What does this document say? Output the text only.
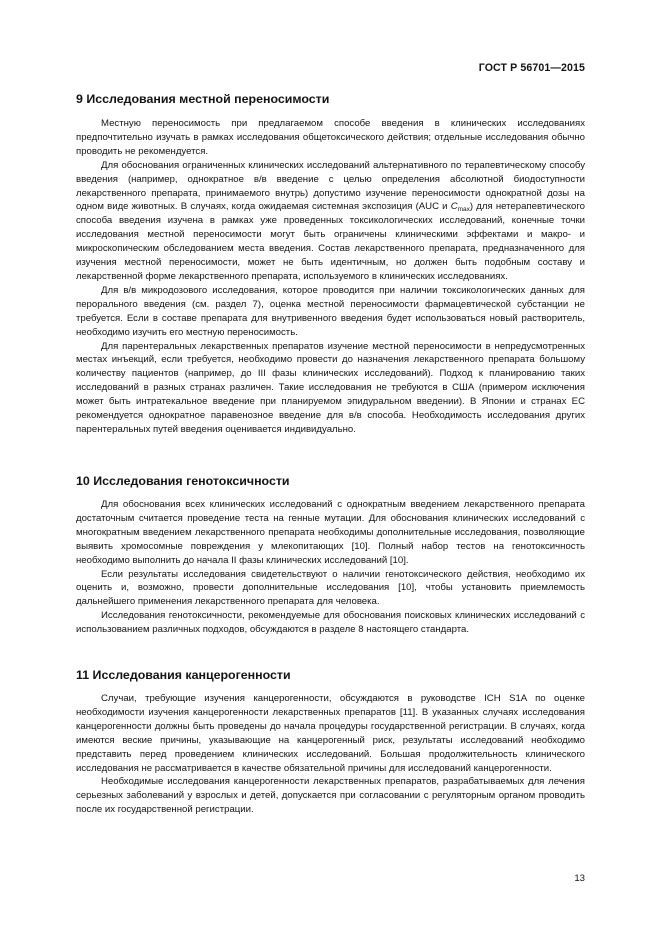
ГОСТ Р 56701—2015
9 Исследования местной переносимости

Местную переносимость при предлагаемом способе введения в клинических исследованиях предпочтительно изучать в рамках исследования общетоксического действия; отдельные исследования обычно проводить не рекомендуется.

Для обоснования ограниченных клинических исследований альтернативного по терапевтическому способу введения (например, однократное в/в введение с целью определения абсолютной биодоступности лекарственного препарата, принимаемого внутрь) допустимо изучение переносимости однократной дозы на одном виде животных. В случаях, когда ожидаемая системная экспозиция (AUC и $C_{max}$) для нетерапевтического способа введения изучена в рамках уже проведенных токсикологических исследований, конечные точки исследования местной переносимости могут быть ограничены клиническими эффектами и макро- и микроскопическим обследованием места введения. Состав лекарственного препарата, предназначенного для изучения местной переносимости, может не быть идентичным, но должен быть подобным составу и лекарственной форме лекарственного препарата, используемого в клинических исследованиях.

Для в/в микродозового исследования, которое проводится при наличии токсикологических данных для перорального введения (см. раздел 7), оценка местной переносимости фармацевтической субстанции не требуется. Если в составе препарата для внутривенного введения будет использоваться новый растворитель, необходимо изучить его местную переносимость.

Для парентеральных лекарственных препаратов изучение местной переносимости в непредусмотренных местах инъекций, если требуется, необходимо провести до назначения лекарственного препарата большому количеству пациентов (например, до III фазы клинических исследований). Подход к планированию таких исследований в разных странах различен. Такие исследования не требуются в США (примером исключения может быть интратекальное введение при планируемом эпидуральном введении). В Японии и странах ЕС рекомендуется однократное паравенозное введение для в/в способа. Необходимость исследования других парентеральных путей введения оценивается индивидуально.

10 Исследования генотоксичности

Для обоснования всех клинических исследований с однократным введением лекарственного препарата достаточным считается проведение теста на генные мутации. Для обоснования клинических исследований с многократным введением лекарственного препарата необходимы дополнительные исследования, позволяющие выявить хромосомные повреждения у млекопитающих [10]. Полный набор тестов на генотоксичность необходимо выполнить до начала II фазы клинических исследований [10].

Если результаты исследования свидетельствуют о наличии генотоксического действия, необходимо их оценить и, возможно, провести дополнительные исследования [10], чтобы установить приемлемость дальнейшего применения лекарственного препарата для человека.

Исследования генотоксичности, рекомендуемые для обоснования поисковых клинических исследований с использованием различных подходов, обсуждаются в разделе 8 настоящего стандарта.

11 Исследования канцерогенности

Случаи, требующие изучения канцерогенности, обсуждаются в руководстве ICH S1A по оценке необходимости изучения канцерогенности лекарственных препаратов [11]. В указанных случаях исследования канцерогенности должны быть проведены до начала процедуры государственной регистрации. В случаях, когда имеются веские причины, указывающие на канцерогенный риск, результаты исследований необходимо представить перед проведением клинических исследований. Большая продолжительность клинического исследования не рассматривается в качестве обязательной причины для исследований канцерогенности.

Необходимые исследования канцерогенности лекарственных препаратов, разрабатываемых для лечения серьезных заболеваний у взрослых и детей, допускается при согласовании с регуляторным органом проводить после их государственной регистрации.

13
